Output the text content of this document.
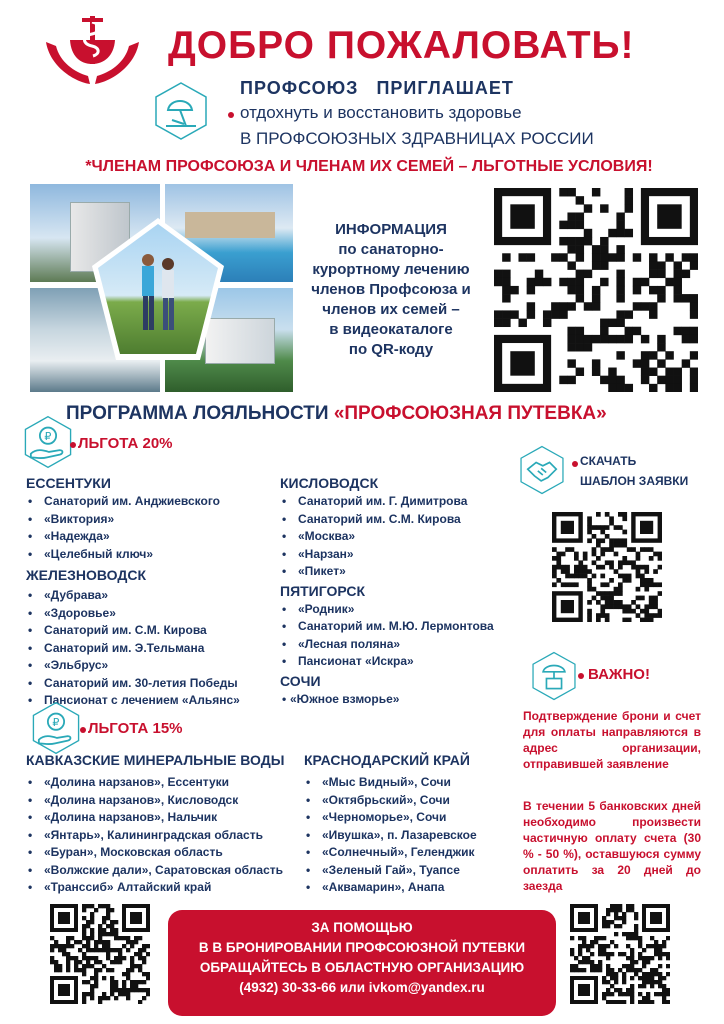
ДОБРО ПОЖАЛОВАТЬ!
ПРОФСОЮЗ   ПРИГЛАШАЕТ
отдохнуть и восстановить здоровье
В ПРОФСОЮЗНЫХ ЗДРАВНИЦАХ РОССИИ
*ЧЛЕНАМ ПРОФСОЮЗА И ЧЛЕНАМ ИХ СЕМЕЙ – ЛЬГОТНЫЕ УСЛОВИЯ!
ИНФОРМАЦИЯ
по санаторно-
курортному лечению
членов Профсоюза и
членов их семей –
в видеокаталоге
по QR-коду
ПРОГРАММА ЛОЯЛЬНОСТИ «ПРОФСОЮЗНАЯ ПУТЕВКА»
₽ ЛЬГОТА 20%
ЕССЕНТУКИ
• Санаторий им. Анджиевского
• «Виктория»
• «Надежда»
• «Целебный ключ»
ЖЕЛЕЗНОВОДСК
• «Дубрава»
• «Здоровье»
• Санаторий им. С.М. Кирова
• Санаторий им. Э.Тельмана
• «Эльбрус»
• Санаторий им. 30-летия Победы
• Пансионат с лечением «Альянс»
КИСЛОВОДСК
• Санаторий им. Г. Димитрова
• Санаторий им. С.М. Кирова
• «Москва»
• «Нарзан»
• «Пикет»
ПЯТИГОРСК
• «Родник»
• Санаторий им. М.Ю. Лермонтова
• «Лесная поляна»
• Пансионат «Искра»
СОЧИ
• «Южное взморье»
СКАЧАТЬ
ШАБЛОН ЗАЯВКИ
ВАЖНО!
Подтверждение брони и счет для оплаты направляются в адрес организации, отправившей заявление
В течении 5 банковских дней необходимо произвести частичную оплату счета (30 % - 50 %), оставшуюся сумму оплатить за 20 дней до заезда
₽ ЛЬГОТА 15%
КАВКАЗСКИЕ МИНЕРАЛЬНЫЕ ВОДЫ
• «Долина нарзанов», Ессентуки
• «Долина нарзанов», Кисловодск
• «Долина нарзанов», Нальчик
• «Янтарь», Калининградская область
• «Буран», Московская область
• «Волжские дали», Саратовская область
• «Транссиб» Алтайский край
КРАСНОДАРСКИЙ КРАЙ
• «Мыс Видный», Сочи
• «Октябрьский», Сочи
• «Черноморье», Сочи
• «Ивушка», п. Лазаревское
• «Солнечный», Геленджик
• «Зеленый Гай», Туапсе
• «Аквамарин», Анапа
ЗА ПОМОЩЬЮ
В В БРОНИРОВАНИИ ПРОФСОЮЗНОЙ ПУТЕВКИ
ОБРАЩАЙТЕСЬ В ОБЛАСТНУЮ ОРГАНИЗАЦИЮ
(4932) 30-33-66 или ivkom@yandex.ru
